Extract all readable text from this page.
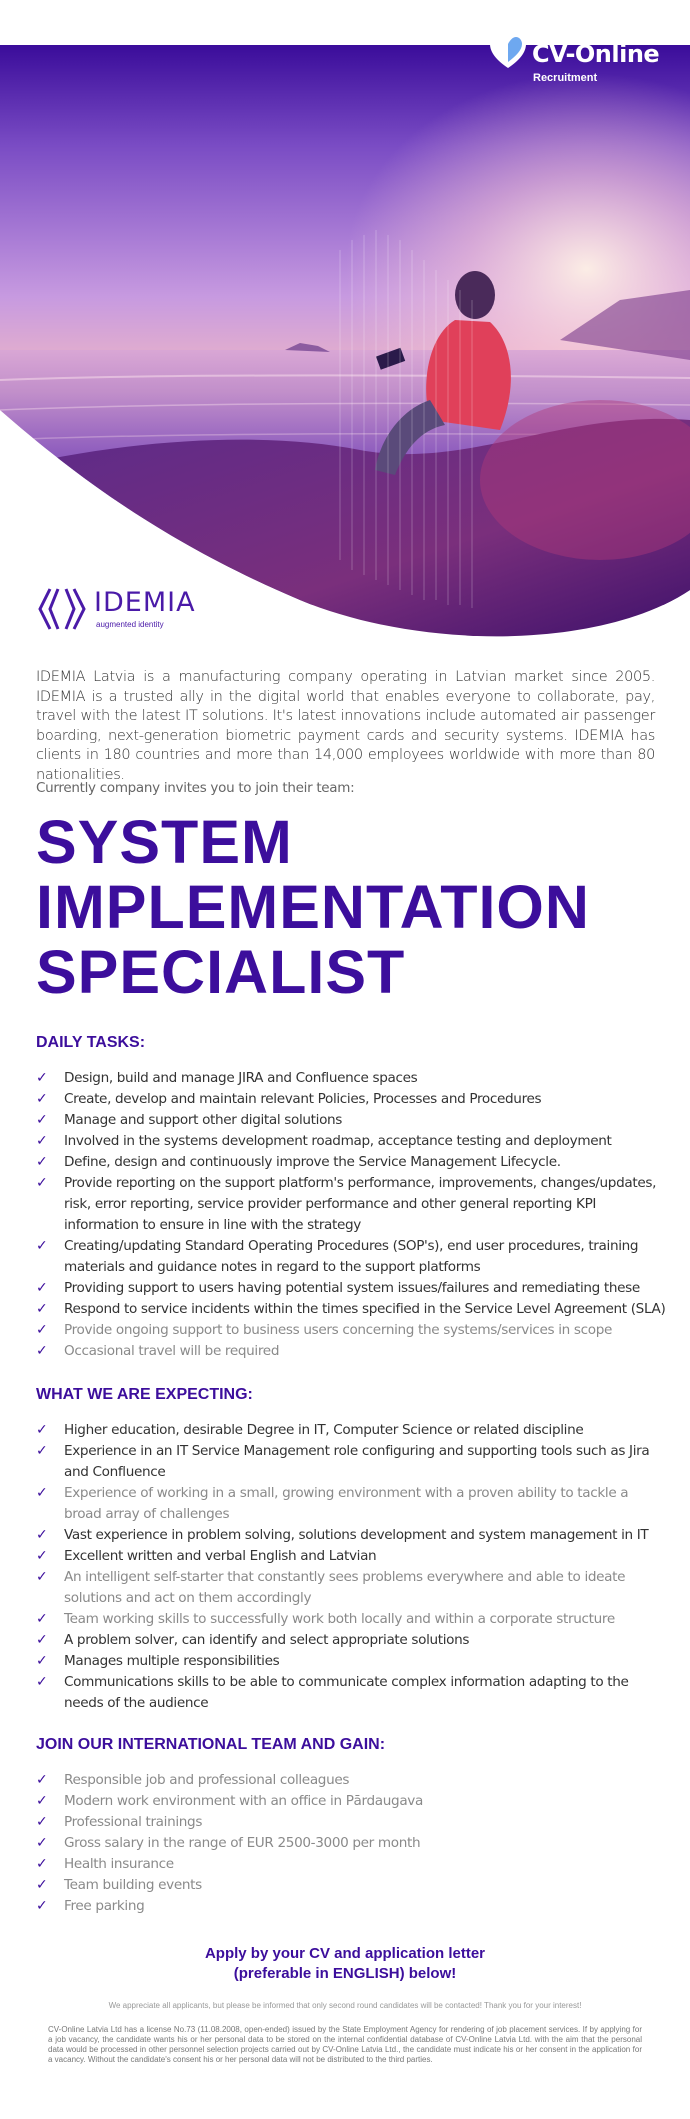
CV-Online
Recruitment
IDEMIA
augmented identity

IDEMIA Latvia is a manufacturing company operating in Latvian market since 2005. IDEMIA is a trusted ally in the digital world that enables everyone to collaborate, pay, travel with the latest IT solutions. It's latest innovations include automated air passenger boarding, next-generation biometric payment cards and security systems. IDEMIA has clients in 180 countries and more than 14,000 employees worldwide with more than 80 nationalities.

Currently company invites you to join their team:

SYSTEM
IMPLEMENTATION
SPECIALIST
DAILY TASKS:
✓ Design, build and manage JIRA and Confluence spaces
✓ Create, develop and maintain relevant Policies, Processes and Procedures
✓ Manage and support other digital solutions
✓ Involved in the systems development roadmap, acceptance testing and deployment
✓ Define, design and continuously improve the Service Management Lifecycle.
✓ Provide reporting on the support platform's performance, improvements, changes/updates, risk, error reporting, service provider performance and other general reporting KPI information to ensure in line with the strategy
✓ Creating/updating Standard Operating Procedures (SOP's), end user procedures, training materials and guidance notes in regard to the support platforms
✓ Providing support to users having potential system issues/failures and remediating these
✓ Respond to service incidents within the times specified in the Service Level Agreement (SLA)
✓ Provide ongoing support to business users concerning the systems/services in scope
✓ Occasional travel will be required
WHAT WE ARE EXPECTING:
✓ Higher education, desirable Degree in IT, Computer Science or related discipline
✓ Experience in an IT Service Management role configuring and supporting tools such as Jira and Confluence
✓ Experience of working in a small, growing environment with a proven ability to tackle a broad array of challenges
✓ Vast experience in problem solving, solutions development and system management in IT
✓ Excellent written and verbal English and Latvian
✓ An intelligent self-starter that constantly sees problems everywhere and able to ideate solutions and act on them accordingly
✓ Team working skills to successfully work both locally and within a corporate structure
✓ A problem solver, can identify and select appropriate solutions
✓ Manages multiple responsibilities
✓ Communications skills to be able to communicate complex information adapting to the needs of the audience
JOIN OUR INTERNATIONAL TEAM AND GAIN:
✓ Responsible job and professional colleagues
✓ Modern work environment with an office in Pārdaugava
✓ Professional trainings
✓ Gross salary in the range of EUR 2500-3000 per month
✓ Health insurance
✓ Team building events
✓ Free parking
Apply by your CV and application letter
(preferable in ENGLISH) below!

We appreciate all applicants, but please be informed that only second round candidates will be contacted! Thank you for your interest!

CV-Online Latvia Ltd has a license No.73 (11.08.2008, open-ended) issued by the State Employment Agency for rendering of job placement services. If by applying for a job vacancy, the candidate wants his or her personal data to be stored on the internal confidential database of CV-Online Latvia Ltd. with the aim that the personal data would be processed in other personnel selection projects carried out by CV-Online Latvia Ltd., the candidate must indicate his or her consent in the application for a vacancy. Without the candidate's consent his or her personal data will not be distributed to the third parties.
